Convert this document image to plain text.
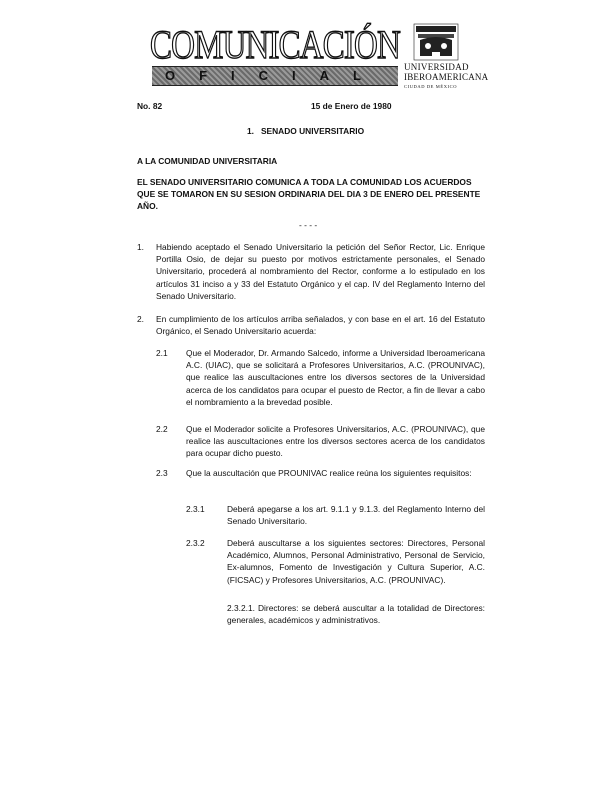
COMUNICACIÓN
OFICIAL
UNIVERSIDAD
IBEROAMERICANA
CIUDAD DE MÉXICO
No. 82	15 de Enero de 1980
1.   SENADO UNIVERSITARIO
A LA COMUNIDAD UNIVERSITARIA
EL SENADO UNIVERSITARIO COMUNICA A TODA LA COMUNIDAD LOS ACUERDOS QUE SE TOMARON EN SU SESION ORDINARIA DEL DIA 3 DE ENERO DEL PRESENTE AÑO.
- - - -
1. Habiendo aceptado el Senado Universitario la petición del Señor Rector, Lic. Enrique Portilla Osio, de dejar su puesto por motivos estrictamente personales, el Senado Universitario, procederá al nombramiento del Rector, conforme a lo estipulado en los artículos 31 inciso a y 33 del Estatuto Orgánico y el cap. IV del Reglamento Interno del Senado Universitario.
2. En cumplimiento de los artículos arriba señalados, y con base en el art. 16 del Estatuto Orgánico, el Senado Universitario acuerda:
2.1 Que el Moderador, Dr. Armando Salcedo, informe a Universidad Iberoamericana A.C. (UIAC), que se solicitará a Profesores Universitarios, A.C. (PROUNIVAC), que realice las auscultaciones entre los diversos sectores de la Universidad acerca de los candidatos para ocupar el puesto de Rector, a fin de llevar a cabo el nombramiento a la brevedad posible.
2.2 Que el Moderador solicite a Profesores Universitarios, A.C. (PROUNIVAC), que realice las auscultaciones entre los diversos sectores acerca de los candidatos para ocupar dicho puesto.
2.3 Que la auscultación que PROUNIVAC realice reúna los siguientes requisitos:
2.3.1	Deberá apegarse a los art. 9.1.1 y 9.1.3. del Reglamento Interno del Senado Universitario.
2.3.2	Deberá auscultarse a los siguientes sectores: Directores, Personal Académico, Alumnos, Personal Administrativo, Personal de Servicio, Ex-alumnos, Fomento de Investigación y Cultura Superior, A.C. (FICSAC) y Profesores Universitarios, A.C. (PROUNIVAC).
2.3.2.1. Directores: se deberá auscultar a la totalidad de Directores: generales, académicos y administrativos.
